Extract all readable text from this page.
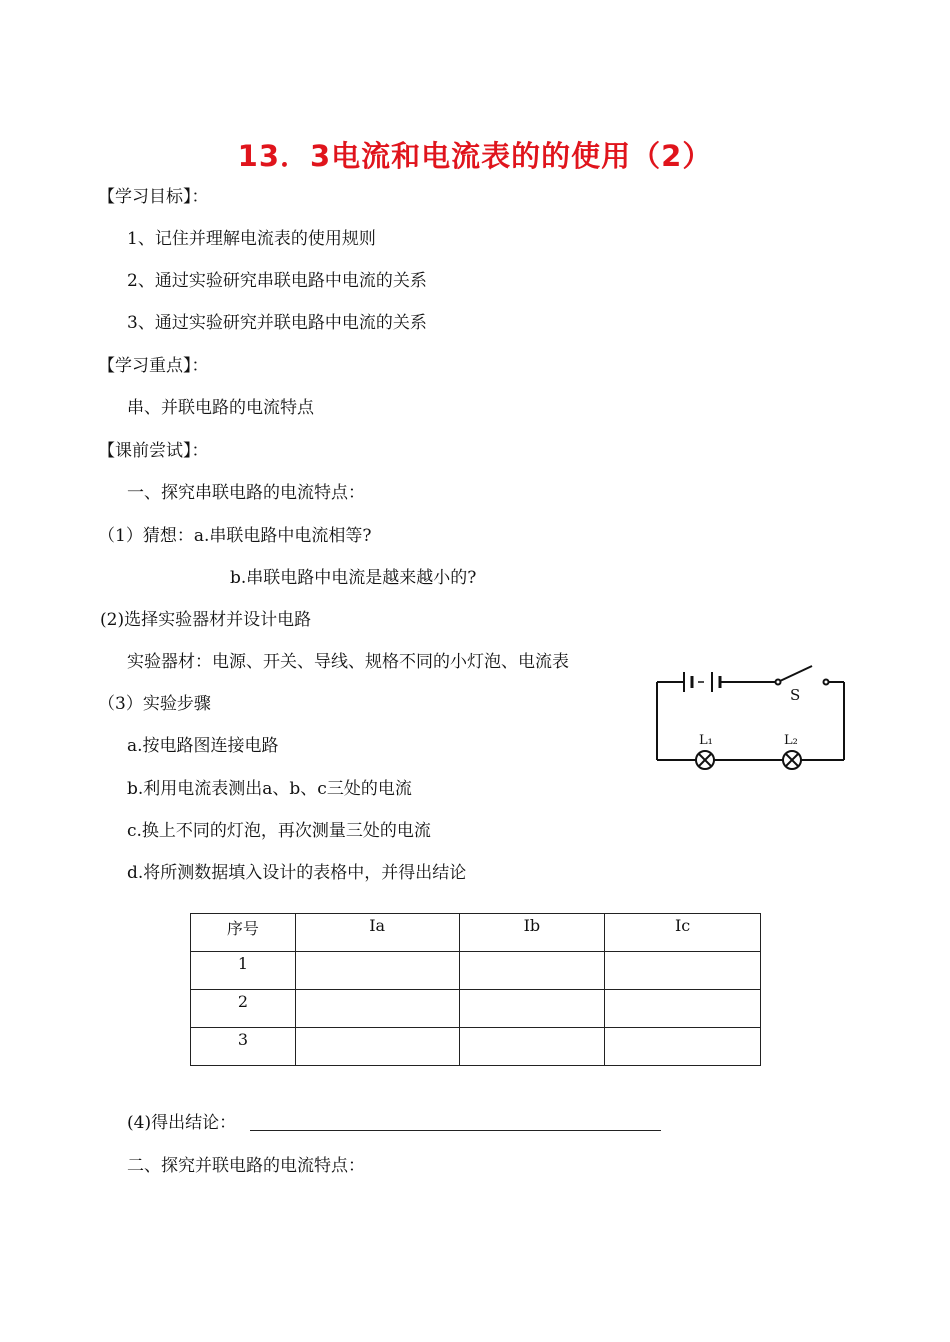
13．3电流和电流表的的使用（2）
【学习目标】：
1、记住并理解电流表的使用规则
2、通过实验研究串联电路中电流的关系
3、通过实验研究并联电路中电流的关系
【学习重点】：
串、并联电路的电流特点
【课前尝试】：
一、探究串联电路的电流特点：
（1）猜想：a.串联电路中电流相等?
b.串联电路中电流是越来越小的?
(2)选择实验器材并设计电路
实验器材：电源、开关、导线、规格不同的小灯泡、电流表
（3）实验步骤
a.按电路图连接电路
b.利用电流表测出a、b、c三处的电流
c.换上不同的灯泡，再次测量三处的电流
d.将所测数据填入设计的表格中，并得出结论
S
L₁	L₂
序号	Ia	Ib	Ic
1			
2			
3			
(4)得出结论：
二、探究并联电路的电流特点：
